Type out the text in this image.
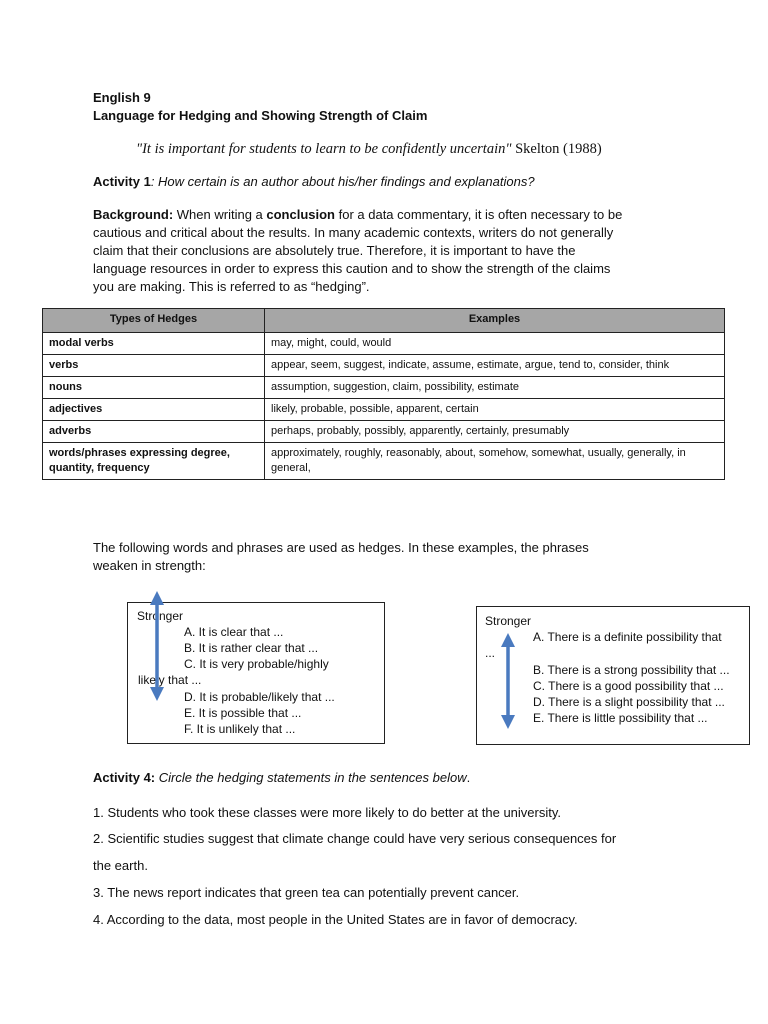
English 9
Language for Hedging and Showing Strength of Claim
"It is important for students to learn to be confidently uncertain" Skelton (1988)
Activity 1: How certain is an author about his/her findings and explanations?
Background: When writing a conclusion for a data commentary, it is often necessary to be
cautious and critical about the results. In many academic contexts, writers do not generally
claim that their conclusions are absolutely true. Therefore, it is important to have the
language resources in order to express this caution and to show the strength of the claims
you are making. This is referred to as “hedging”.
Types of Hedges	Examples
modal verbs	may, might, could, would
verbs	appear, seem, suggest, indicate, assume, estimate, argue, tend to, consider, think
nouns	assumption, suggestion, claim, possibility, estimate
adjectives	likely, probable, possible, apparent, certain
adverbs	perhaps, probably, possibly, apparently, certainly, presumably
words/phrases expressing degree, quantity, frequency	approximately, roughly, reasonably, about, somehow, somewhat, usually, generally, in general,
The following words and phrases are used as hedges. In these examples, the phrases
weaken in strength:
Stronger
A. It is clear that ...
B. It is rather clear that ...
C. It is very probable/highly
likely that ...
D. It is probable/likely that ...
E. It is possible that ...
F. It is unlikely that ...
Stronger
A. There is a definite possibility that
...
B. There is a strong possibility that ...
C. There is a good possibility that ...
D. There is a slight possibility that ...
E. There is little possibility that ...
Activity 4: Circle the hedging statements in the sentences below.
1. Students who took these classes were more likely to do better at the university.
2. Scientific studies suggest that climate change could have very serious consequences for
the earth.
3. The news report indicates that green tea can potentially prevent cancer.
4. According to the data, most people in the United States are in favor of democracy.
